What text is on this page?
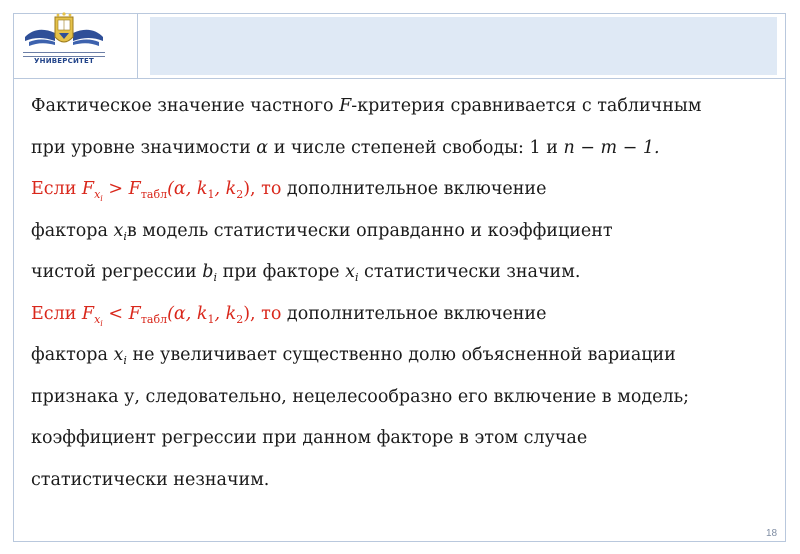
УНИВЕРСИТЕТ
Фактическое значение частного F-критерия сравнивается с табличным
при уровне значимости α и числе степеней свободы: 1 и n − m − 1.
Если $F_{x_i} > F_{табл}(\alpha$, $k_1$, $k_2$), то дополнительное включение
фактора $x_iв$ модель статистически оправданно и коэффициент
чистой регрессии $b_i$ при факторе $x_i$ статистически значим.
Если $F_{x_i} < F_{табл}(\alpha$, $k_1$, $k_2$), то дополнительное включение
фактора $x_i$ не увеличивает существенно долю объясненной вариации
признака у, следовательно, нецелесообразно его включение в модель;
коэффициент регрессии при данном факторе в этом случае
статистически незначим.
18
